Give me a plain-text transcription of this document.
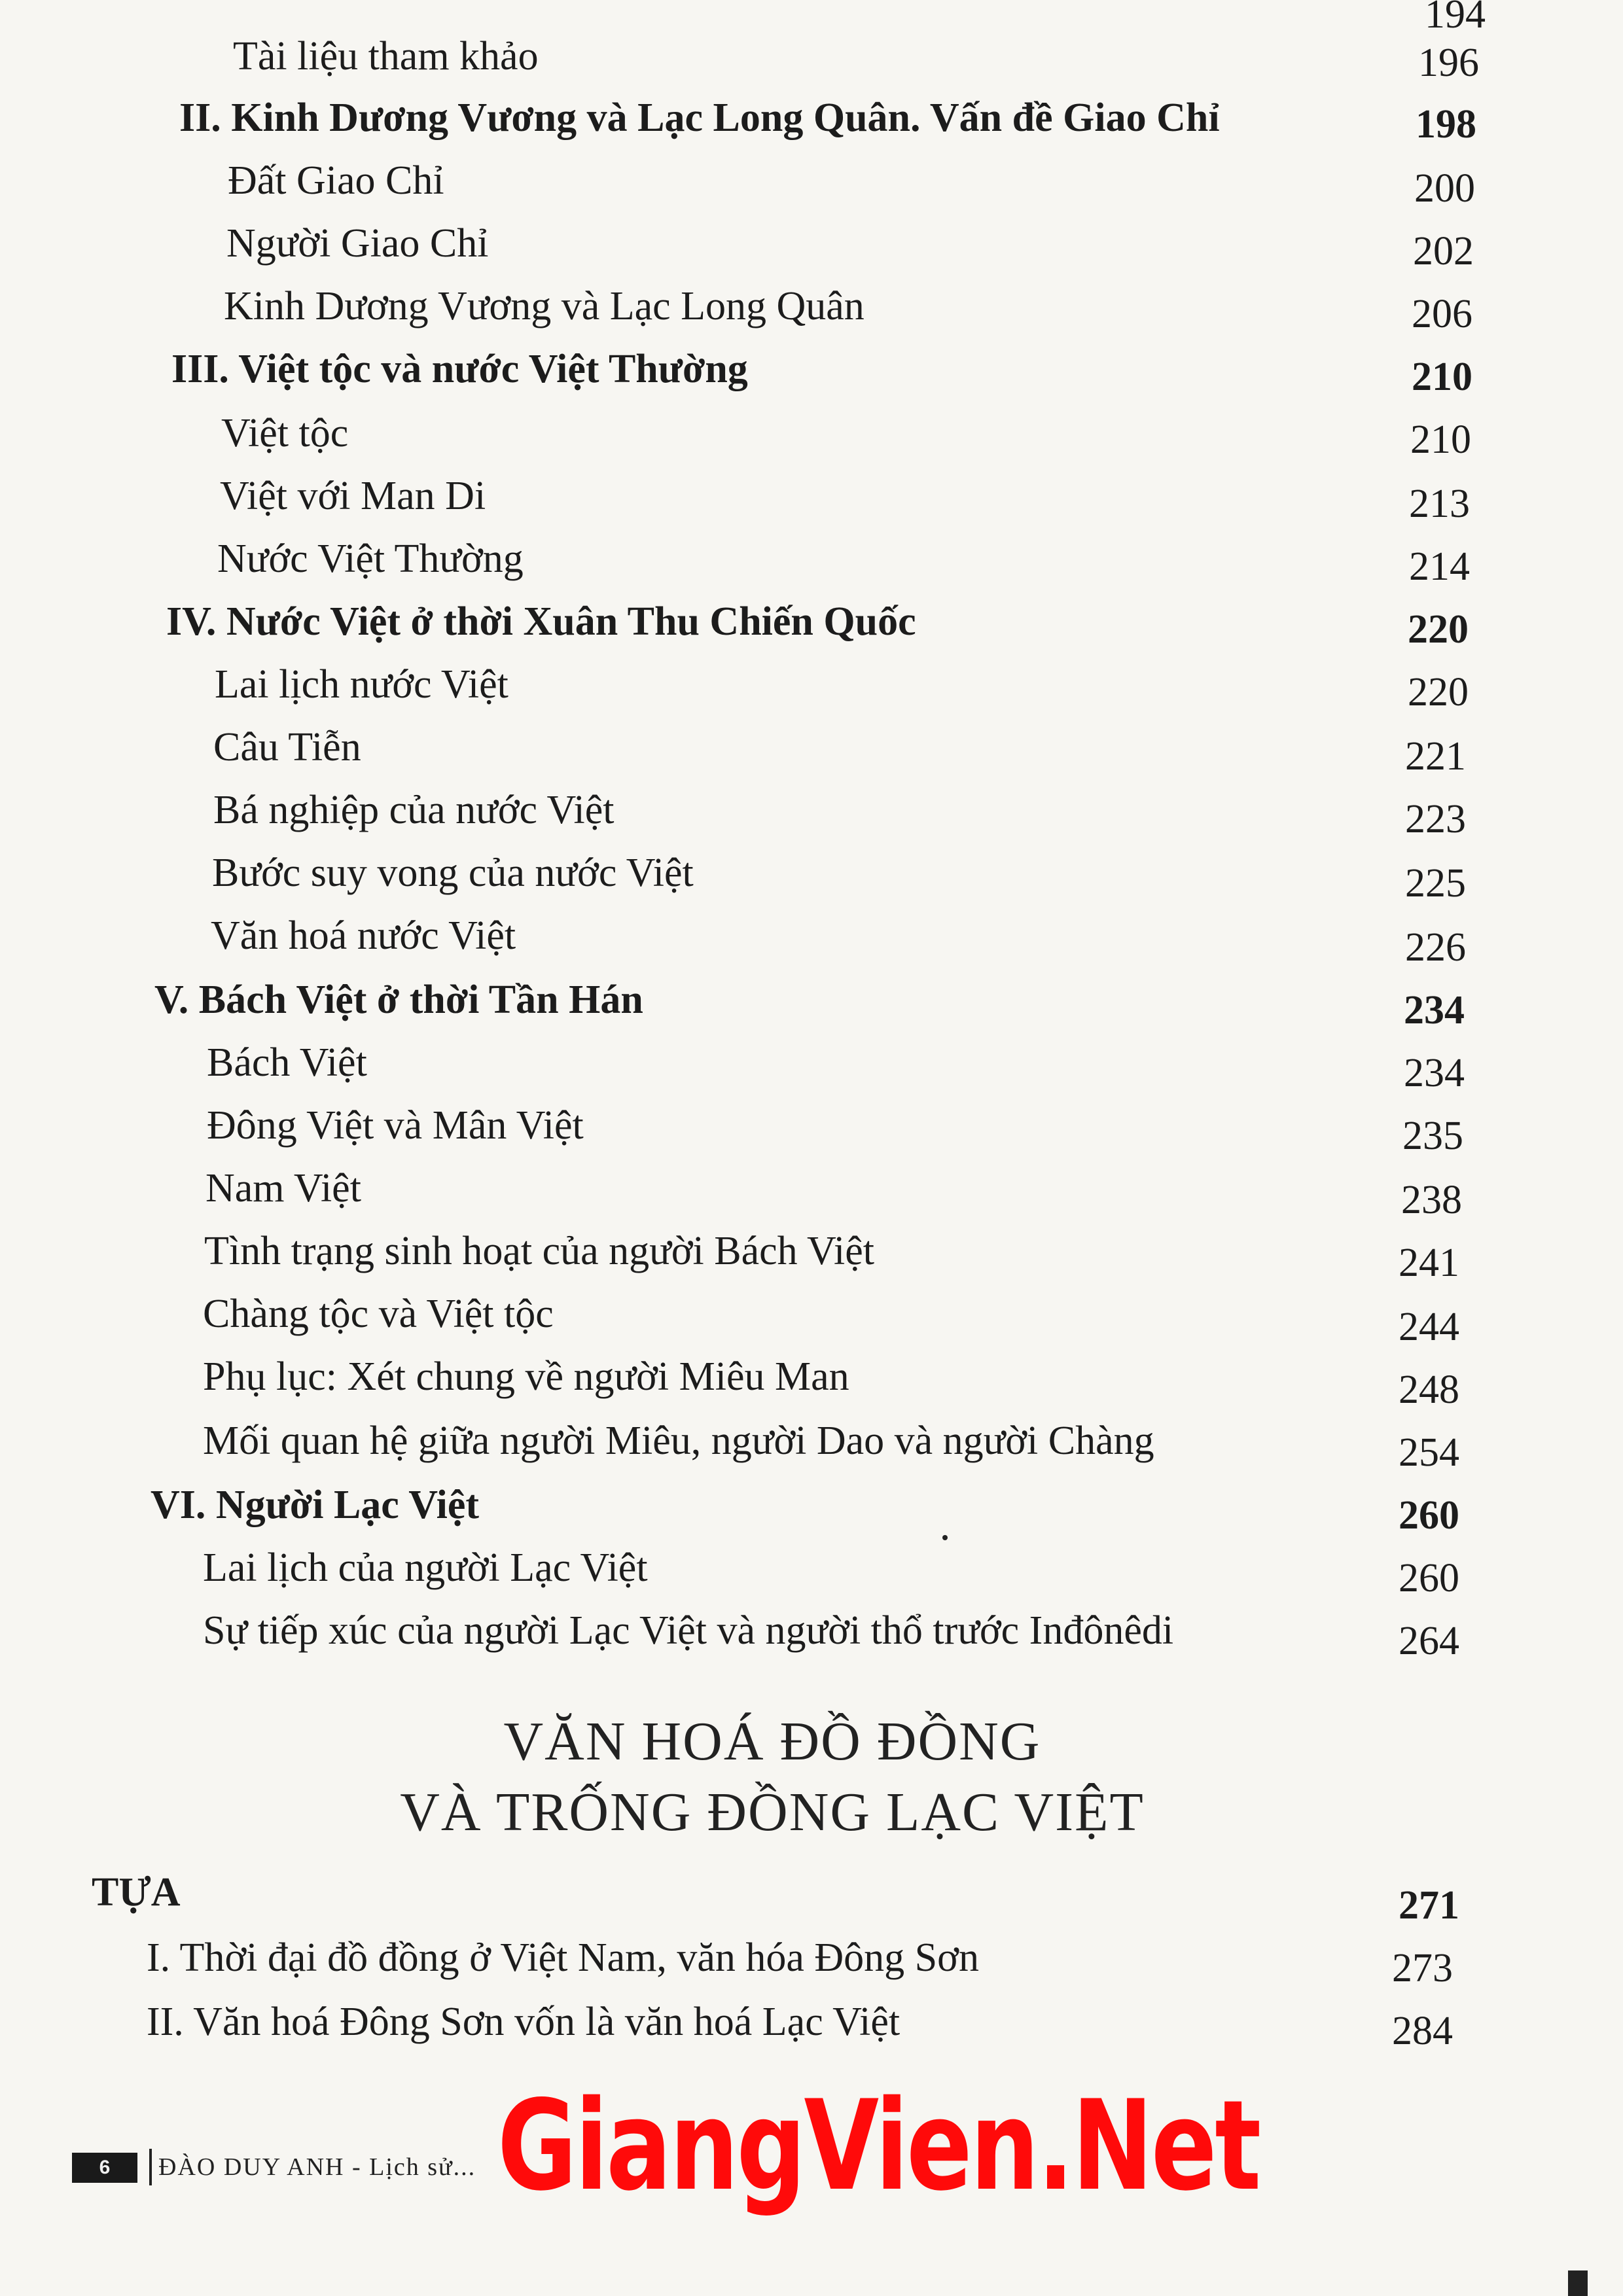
194
Tài liệu tham khảo	196
II. Kinh Dương Vương và Lạc Long Quân. Vấn đề Giao Chỉ	198
Đất Giao Chỉ	200
Người Giao Chỉ	202
Kinh Dương Vương và Lạc Long Quân	206
III. Việt tộc và nước Việt Thường	210
Việt tộc	210
Việt với Man Di	213
Nước Việt Thường	214
IV. Nước Việt ở thời Xuân Thu Chiến Quốc	220
Lai lịch nước Việt	220
Câu Tiễn	221
Bá nghiệp của nước Việt	223
Bước suy vong của nước Việt	225
Văn hoá nước Việt	226
V. Bách Việt ở thời Tần Hán	234
Bách Việt	234
Đông Việt và Mân Việt	235
Nam Việt	238
Tình trạng sinh hoạt của người Bách Việt	241
Chàng tộc và Việt tộc	244
Phụ lục: Xét chung về người Miêu Man	248
Mối quan hệ giữa người Miêu, người Dao và người Chàng	254
VI. Người Lạc Việt	260
Lai lịch của người Lạc Việt	260
Sự tiếp xúc của người Lạc Việt và người thổ trước Inđônêdi	264
VĂN HOÁ ĐỒ ĐỒNG
VÀ TRỐNG ĐỒNG LẠC VIỆT
TỰA	271
I. Thời đại đồ đồng ở Việt Nam, văn hóa Đông Sơn	273
II. Văn hoá Đông Sơn vốn là văn hoá Lạc Việt	284
6	ĐÀO DUY ANH - Lịch sử... GiangVien.Net
